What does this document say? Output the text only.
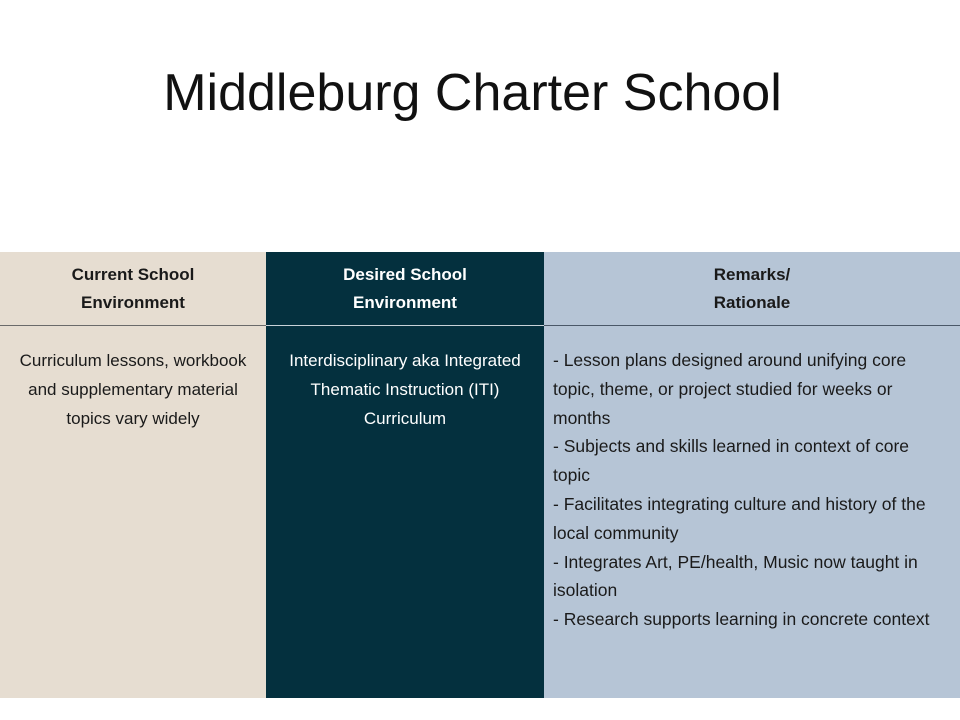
Middleburg Charter School
Current School
Environment
Curriculum lessons, workbook and supplementary material topics vary widely
Desired School
Environment
Interdisciplinary aka Integrated Thematic Instruction (ITI) Curriculum
Remarks/
Rationale
- Lesson plans designed around unifying core topic, theme, or project studied for weeks or months
- Subjects and skills learned in context of core topic
- Facilitates integrating culture and history of the local community
- Integrates Art, PE/health, Music now taught in isolation
- Research supports learning in concrete context
